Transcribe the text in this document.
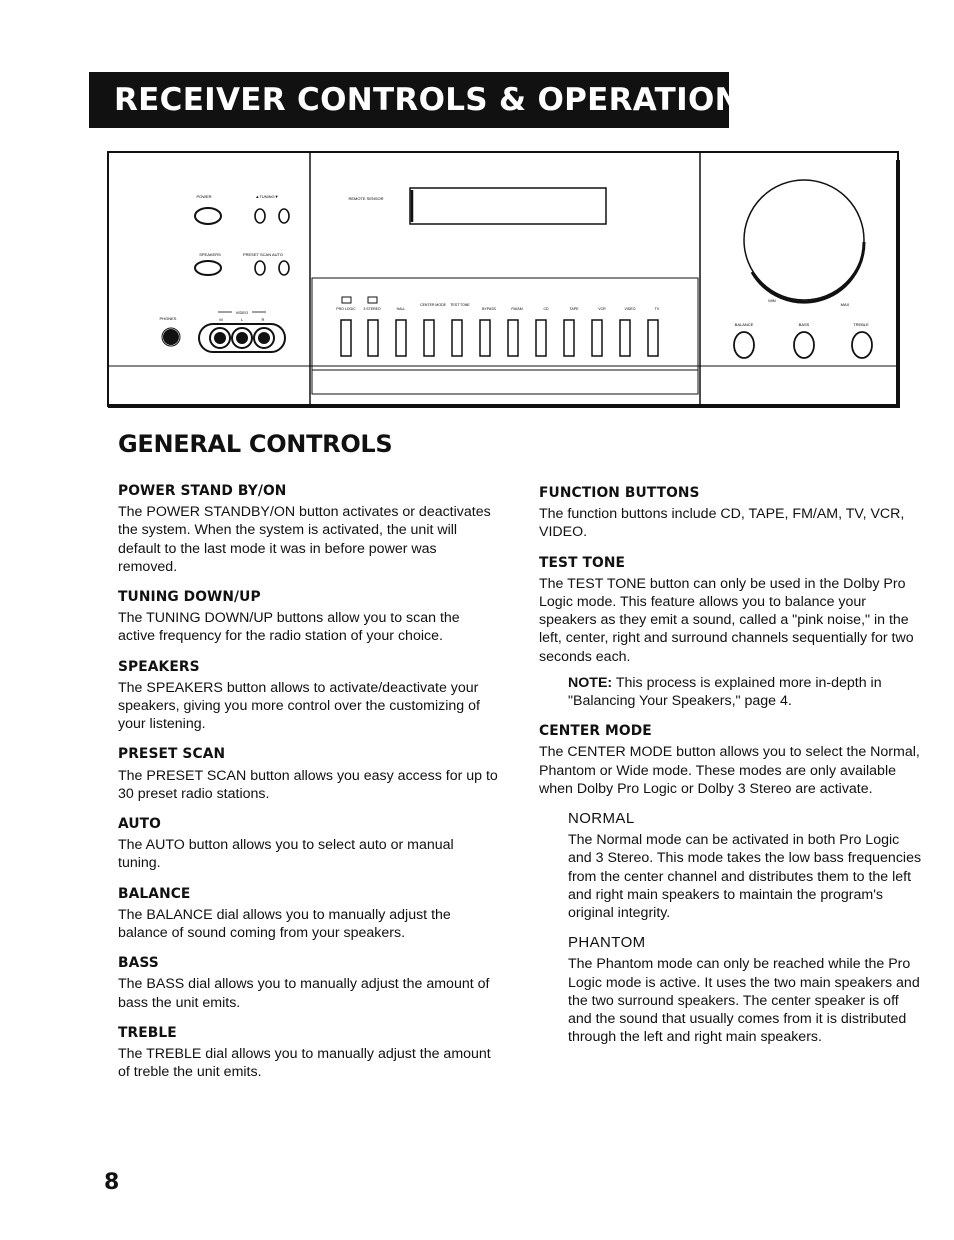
RECEIVER CONTROLS & OPERATIONS
POWER	▲TUNING▼
SPEAKERS	PRESET SCAN AUTO
VIDEO
M	L	R
PHONES
REMOTE SENSOR
PRO LOGIC 3 STEREO	HALL
CENTER MODE TEST TONE
BYPASS	FM/AM	CD	TAPE	VCR	VIDEO	TV
MIN
MAX
BALANCE	BASS	TREBLE
GENERAL CONTROLS
POWER STAND BY/ON

The POWER STANDBY/ON button activates or deactivates the system. When the system is activated, the unit will default to the last mode it was in before power was removed.

TUNING DOWN/UP

The TUNING DOWN/UP buttons allow you to scan the active frequency for the radio station of your choice.

SPEAKERS

The SPEAKERS button allows to activate/deactivate your speakers, giving you more control over the customizing of your listening.

PRESET SCAN

The PRESET SCAN button allows you easy access for up to 30 preset radio stations.

AUTO

The AUTO button allows you to select auto or manual tuning.

BALANCE

The BALANCE dial allows you to manually adjust the balance of sound coming from your speakers.

BASS

The BASS dial allows you to manually adjust the amount of bass the unit emits.

TREBLE

The TREBLE dial allows you to manually adjust the amount of treble the unit emits.

FUNCTION BUTTONS

The function buttons include CD, TAPE, FM/AM, TV, VCR, VIDEO.

TEST TONE

The TEST TONE button can only be used in the Dolby Pro Logic mode. This feature allows you to balance your speakers as they emit a sound, called a "pink noise," in the left, center, right and surround channels sequentially for two seconds each.

NOTE: This process is explained more in-depth in "Balancing Your Speakers," page 4.

CENTER MODE

The CENTER MODE button allows you to select the Normal, Phantom or Wide mode. These modes are only available when Dolby Pro Logic or Dolby 3 Stereo are activate.

NORMAL
The Normal mode can be activated in both Pro Logic and 3 Stereo. This mode takes the low bass frequencies from the center channel and distributes them to the left and right main speakers to maintain the program's original integrity.
PHANTOM
The Phantom mode can only be reached while the Pro Logic mode is active. It uses the two main speakers and the two surround speakers. The center speaker is off and the sound that usually comes from it is distributed through the left and right main speakers.
8
